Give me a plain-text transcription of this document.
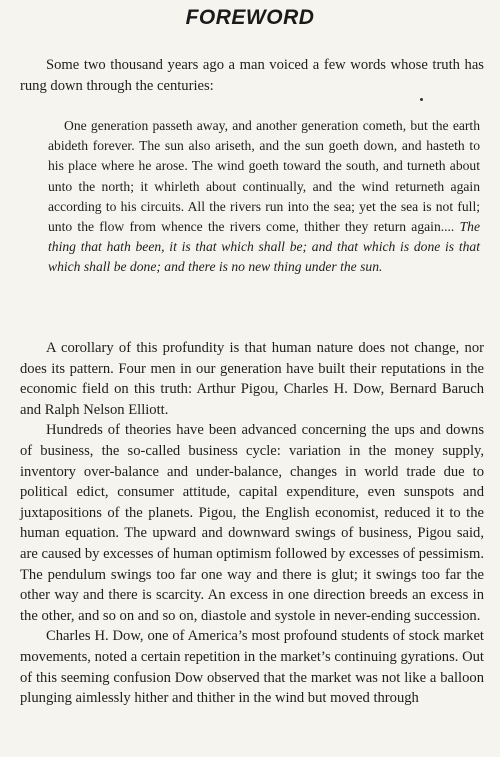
FOREWORD
Some two thousand years ago a man voiced a few words whose truth has rung down through the centuries:
One generation passeth away, and another generation cometh, but the earth abideth forever. The sun also ariseth, and the sun goeth down, and hasteth to his place where he arose. The wind goeth toward the south, and turneth about unto the north; it whirleth about continually, and the wind returneth again according to his circuits. All the rivers run into the sea; yet the sea is not full; unto the flow from whence the rivers come, thither they return again.... The thing that hath been, it is that which shall be; and that which is done is that which shall be done; and there is no new thing under the sun.

A corollary of this profundity is that human nature does not change, nor does its pattern. Four men in our generation have built their reputations in the economic field on this truth: Arthur Pigou, Charles H. Dow, Bernard Baruch and Ralph Nelson Elliott.

Hundreds of theories have been advanced concerning the ups and downs of business, the so-called business cycle: variation in the money supply, inventory over-balance and under-balance, changes in world trade due to political edict, consumer attitude, capital expenditure, even sunspots and juxtapositions of the planets. Pigou, the English economist, reduced it to the human equation. The upward and downward swings of business, Pigou said, are caused by excesses of human optimism followed by excesses of pessimism. The pendulum swings too far one way and there is glut; it swings too far the other way and there is scarcity. An excess in one direction breeds an excess in the other, and so on and so on, diastole and systole in never-ending succession.

Charles H. Dow, one of America’s most profound students of stock market movements, noted a certain repetition in the market’s continuing gyrations. Out of this seeming confusion Dow observed that the market was not like a balloon plunging aimlessly hither and thither in the wind but moved through
